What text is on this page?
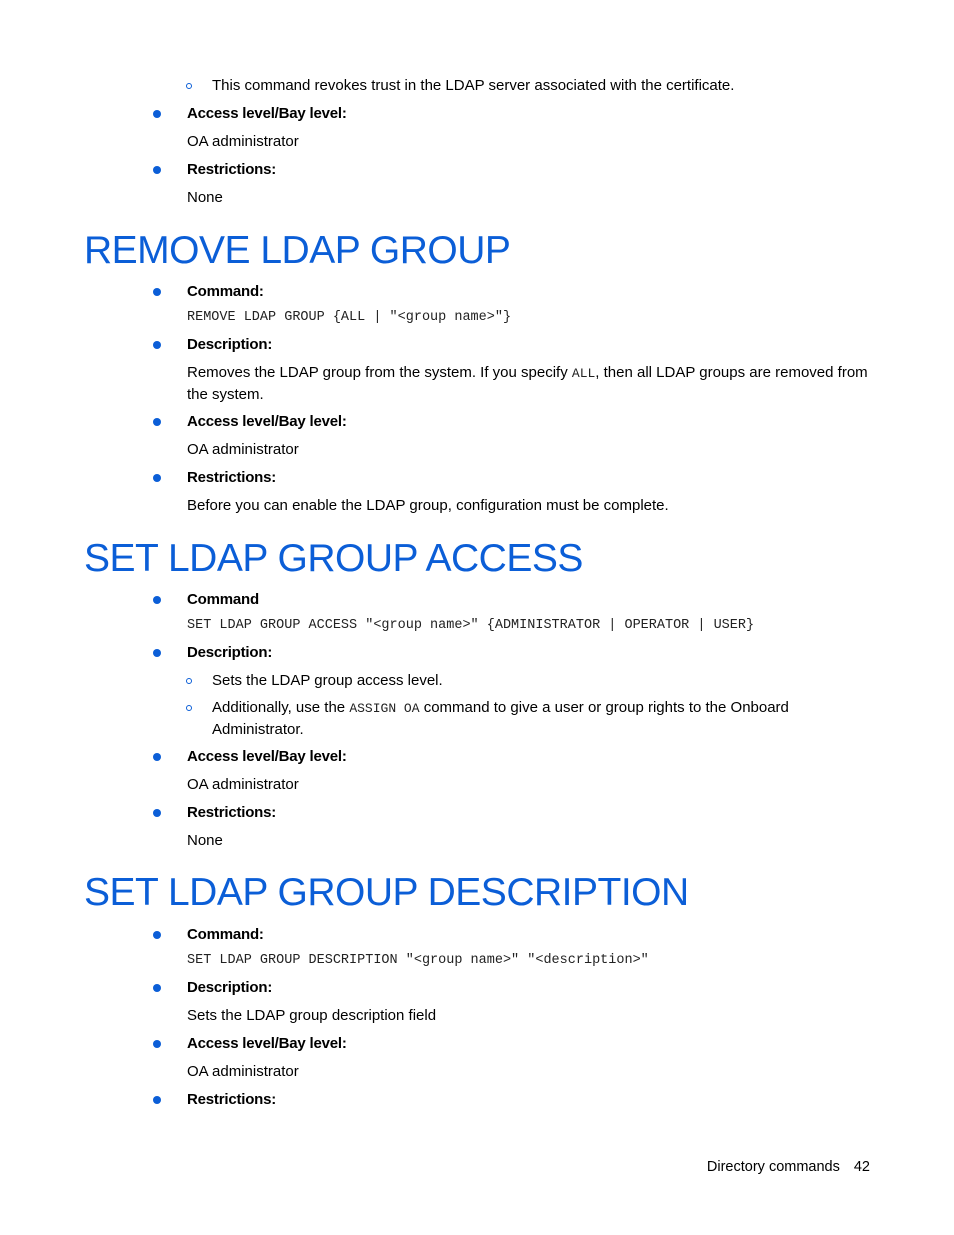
This command revokes trust in the LDAP server associated with the certificate.
Access level/Bay level:
OA administrator
Restrictions:
None
REMOVE LDAP GROUP
Command:
REMOVE LDAP GROUP {ALL | "<group name>"}
Description:
Removes the LDAP group from the system. If you specify ALL, then all LDAP groups are removed from the system.
Access level/Bay level:
OA administrator
Restrictions:
Before you can enable the LDAP group, configuration must be complete.
SET LDAP GROUP ACCESS
Command
SET LDAP GROUP ACCESS "<group name>" {ADMINISTRATOR | OPERATOR | USER}
Description:
Sets the LDAP group access level.
Additionally, use the ASSIGN OA command to give a user or group rights to the Onboard Administrator.
Access level/Bay level:
OA administrator
Restrictions:
None
SET LDAP GROUP DESCRIPTION
Command:
SET LDAP GROUP DESCRIPTION "<group name>" "<description>"
Description:
Sets the LDAP group description field
Access level/Bay level:
OA administrator
Restrictions:
Directory commands 42
